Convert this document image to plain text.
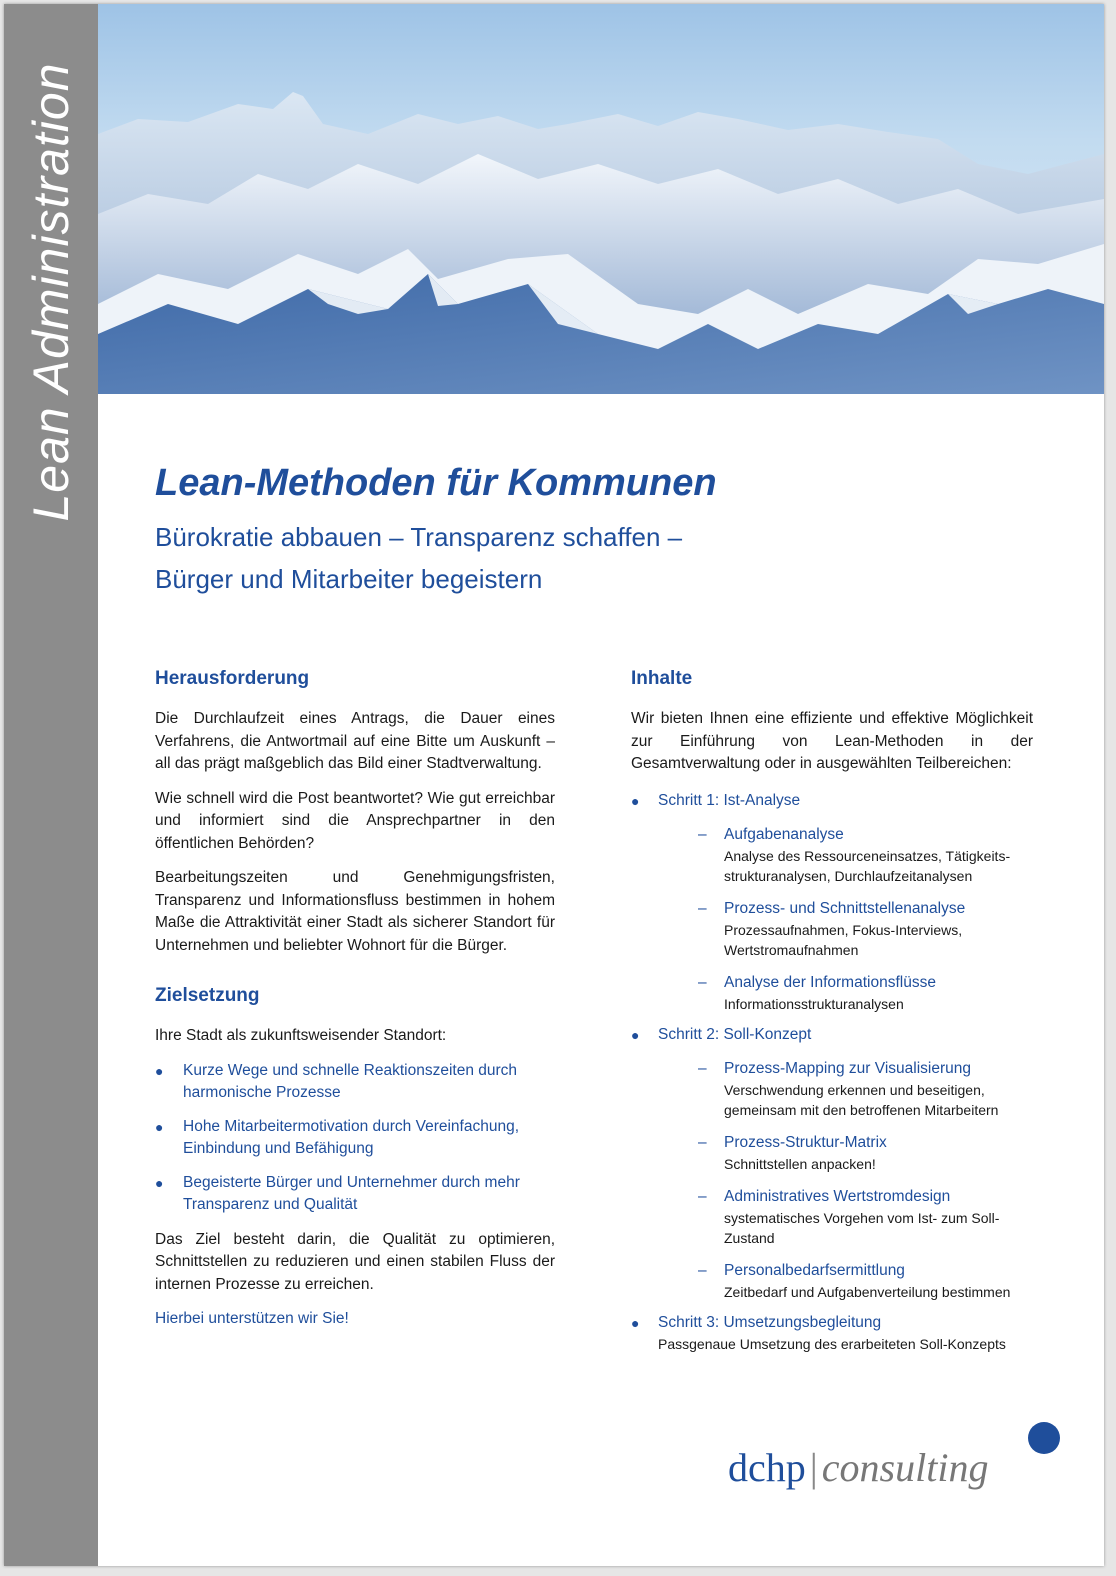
Lean Administration Lean-Methoden für Kommunen
Bürokratie abbauen – Transparenz schaffen –
Bürger und Mitarbeiter begeistern
Herausforderung

Die Durchlaufzeit eines Antrags, die Dauer eines Verfahrens, die Antwortmail auf eine Bitte um Auskunft – all das prägt maßgeblich das Bild einer Stadtverwaltung.

Wie schnell wird die Post beantwortet? Wie gut erreichbar und informiert sind die Ansprechpartner in den öffentlichen Behörden?

Bearbeitungszeiten und Genehmigungsfristen, Transparenz und Informationsfluss bestimmen in hohem Maße die Attraktivität einer Stadt als sicherer Standort für Unternehmen und beliebter Wohnort für die Bürger.

Zielsetzung

Ihre Stadt als zukunftsweisender Standort:

● Kurze Wege und schnelle Reaktionszeiten durch harmonische Prozesse
● Hohe Mitarbeitermotivation durch Vereinfachung, Einbindung und Befähigung
● Begeisterte Bürger und Unternehmer durch mehr Transparenz und Qualität

Das Ziel besteht darin, die Qualität zu optimieren, Schnittstellen zu reduzieren und einen stabilen Fluss der internen Prozesse zu erreichen.

Hierbei unterstützen wir Sie!

Inhalte

Wir bieten Ihnen eine effiziente und effektive Möglichkeit zur Einführung von Lean-Methoden in der Gesamtverwaltung oder in ausgewählten Teilbereichen:

● Schritt 1: Ist-Analyse
– Aufgabenanalyse
Analyse des Ressourceneinsatzes, Tätigkeits-strukturanalysen, Durchlaufzeitanalysen
– Prozess- und Schnittstellenanalyse
Prozessaufnahmen, Fokus-Interviews, Wertstromaufnahmen
– Analyse der Informationsflüsse
Informationsstrukturanalysen
● Schritt 2: Soll-Konzept
– Prozess-Mapping zur Visualisierung
Verschwendung erkennen und beseitigen, gemeinsam mit den betroffenen Mitarbeitern
– Prozess-Struktur-Matrix
Schnittstellen anpacken!
– Administratives Wertstromdesign
systematisches Vorgehen vom Ist- zum Soll-Zustand
– Personalbedarfsermittlung
Zeitbedarf und Aufgabenverteilung bestimmen
● Schritt 3: Umsetzungsbegleitung
Passgenaue Umsetzung des erarbeiteten Soll-Konzepts
dchp | consulting
